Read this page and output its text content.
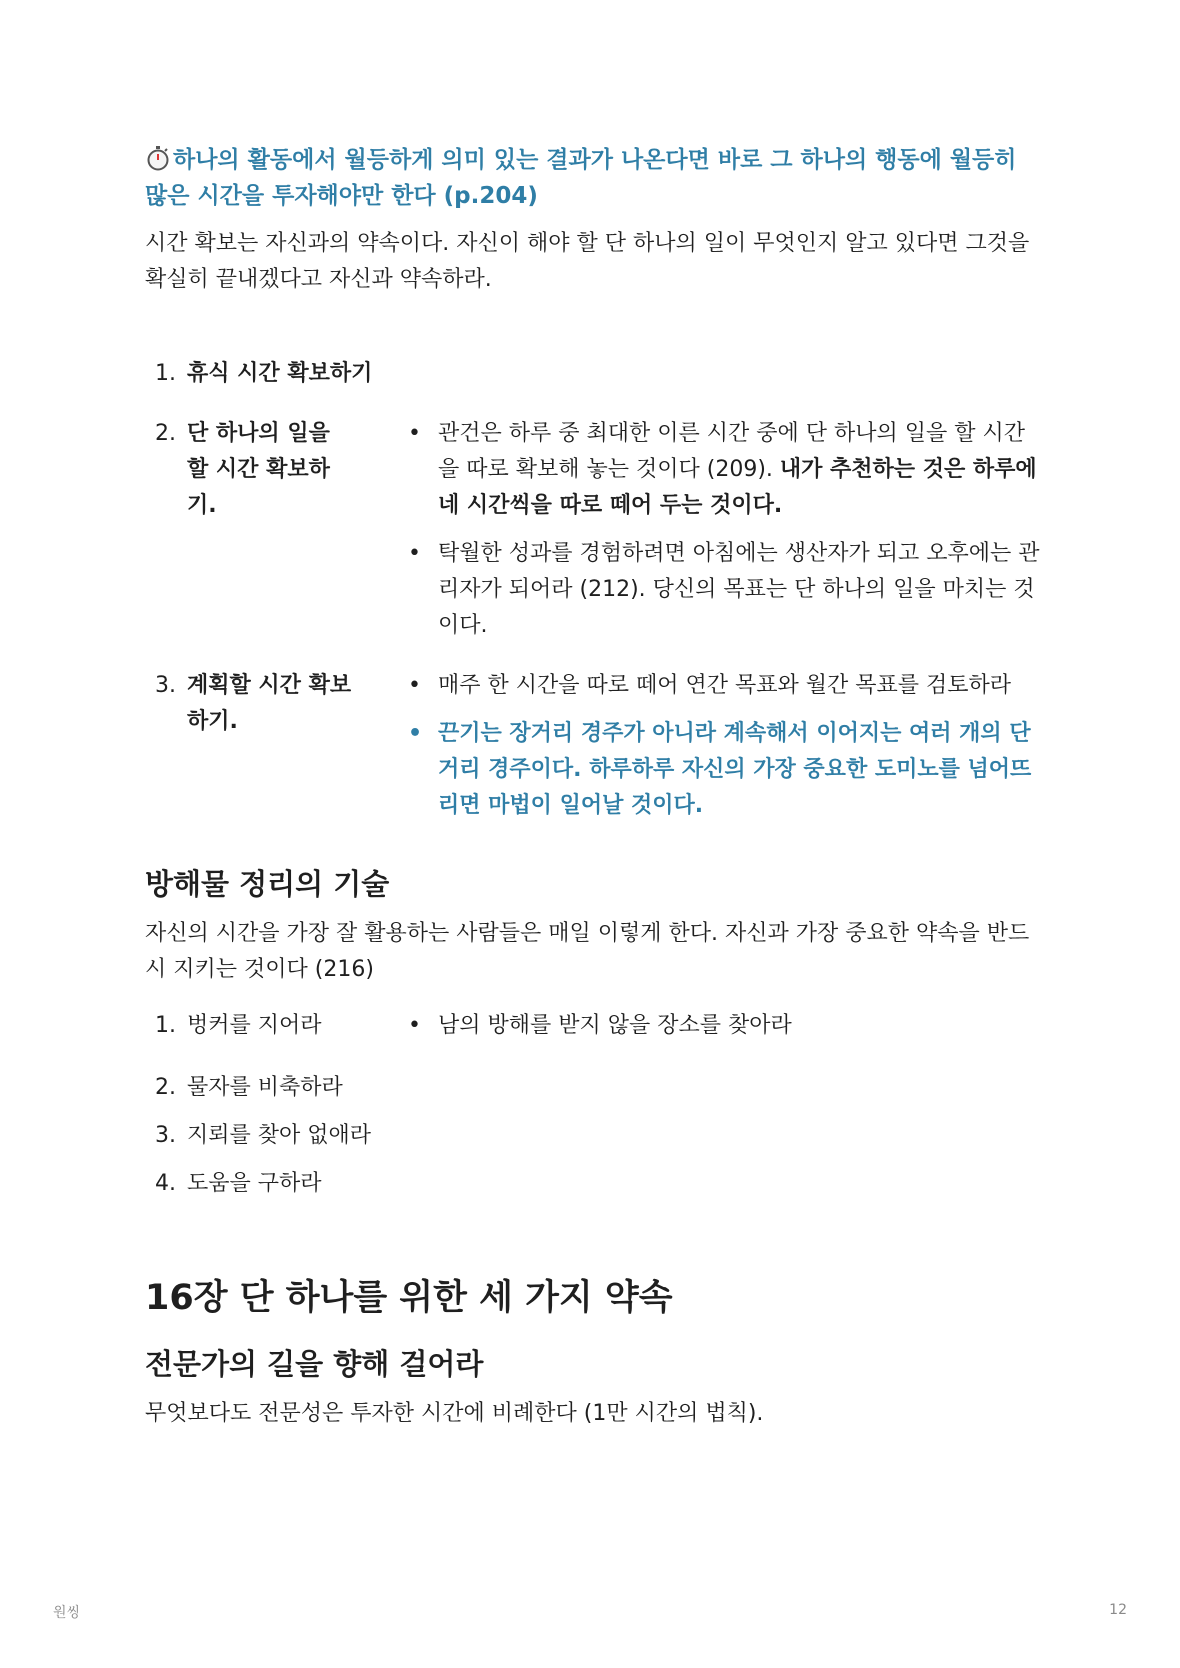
하나의 활동에서 월등하게 의미 있는 결과가 나온다면 바로 그 하나의 행동에 월등히 많은 시간을 투자해야만 한다 (p.204)

시간 확보는 자신과의 약속이다. 자신이 해야 할 단 하나의 일이 무엇인지 알고 있다면 그것을 확실히 끝내겠다고 자신과 약속하라.

1. 휴식 시간 확보하기
2. 단 하나의 일을 할 시간 확보하기.
• 관건은 하루 중 최대한 이른 시간 중에 단 하나의 일을 할 시간을 따로 확보해 놓는 것이다 (209). 내가 추천하는 것은 하루에 네 시간씩을 따로 떼어 두는 것이다.
• 탁월한 성과를 경험하려면 아침에는 생산자가 되고 오후에는 관리자가 되어라 (212). 당신의 목표는 단 하나의 일을 마치는 것이다.
3. 계획할 시간 확보하기.
• 매주 한 시간을 따로 떼어 연간 목표와 월간 목표를 검토하라
• 끈기는 장거리 경주가 아니라 계속해서 이어지는 여러 개의 단거리 경주이다. 하루하루 자신의 가장 중요한 도미노를 넘어뜨리면 마법이 일어날 것이다.
방해물 정리의 기술

자신의 시간을 가장 잘 활용하는 사람들은 매일 이렇게 한다. 자신과 가장 중요한 약속을 반드시 지키는 것이다 (216)

1. 벙커를 지어라	• 남의 방해를 받지 않을 장소를 찾아라
2. 물자를 비축하라
3. 지뢰를 찾아 없애라
4. 도움을 구하라
16장 단 하나를 위한 세 가지 약속
전문가의 길을 향해 걸어라

무엇보다도 전문성은 투자한 시간에 비례한다 (1만 시간의 법칙).

원씽	12
